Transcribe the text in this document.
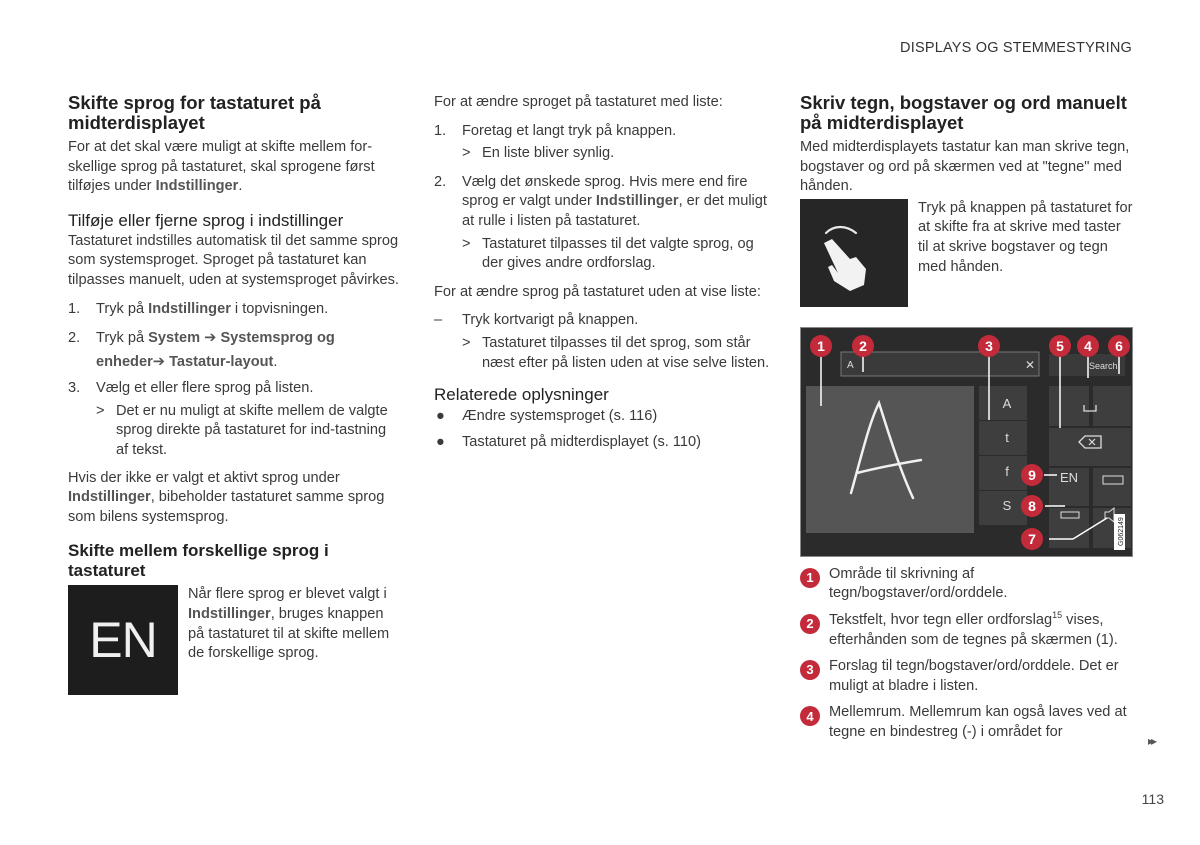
DISPLAYS OG STEMMESTYRING
Skifte sprog for tastaturet på midterdisplayet

For at det skal være muligt at skifte mellem for-skellige sprog på tastaturet, skal sprogene først tilføjes under Indstillinger.

Tilføje eller fjerne sprog i indstillinger

Tastaturet indstilles automatisk til det samme sprog som systemsproget. Sproget på tastaturet kan tilpasses manuelt, uden at systemsproget påvirkes.

1. Tryk på Indstillinger i topvisningen.
2. Tryk på System ➔ Systemsprog og enheder➔ Tastatur-layout.
3. Vælg et eller flere sprog på listen.
> Det er nu muligt at skifte mellem de valgte sprog direkte på tastaturet for ind-tastning af tekst.

Hvis der ikke er valgt et aktivt sprog under Indstillinger, bibeholder tastaturet samme sprog som bilens systemsprog.

Skifte mellem forskellige sprog i tastaturet
EN

Når flere sprog er blevet valgt i Indstillinger, bruges knappen på tastaturet til at skifte mellem de forskellige sprog.

For at ændre sproget på tastaturet med liste:

1. Foretag et langt tryk på knappen.
> En liste bliver synlig.
2. Vælg det ønskede sprog. Hvis mere end fire sprog er valgt under Indstillinger, er det muligt at rulle i listen på tastaturet.
> Tastaturet tilpasses til det valgte sprog, og der gives andre ordforslag.

For at ændre sprog på tastaturet uden at vise liste:

– Tryk kortvarigt på knappen.
> Tastaturet tilpasses til det sprog, som står næst efter på listen uden at vise selve listen.
Relaterede oplysninger
● Ændre systemsproget (s. 116)
● Tastaturet på midterdisplayet (s. 110)
Skriv tegn, bogstaver og ord manuelt på midterdisplayet

Med midterdisplayets tastatur kan man skrive tegn, bogstaver og ord på skærmen ved at "tegne" med hånden.

Tryk på knappen på tastaturet for at skifte fra at skrive med taster til at skrive bogstaver og tegn med hånden.

1 2	3	5 4 6
9
8
7
A	✕	Search
A
t
f
S
EN
G062149
1	Område til skrivning af tegn/bogstaver/ord/orddele.
2	Tekstfelt, hvor tegn eller ordforslag$^{15}$ vises, efterhånden som de tegnes på skærmen (1).
3	Forslag til tegn/bogstaver/ord/orddele. Det er muligt at bladre i listen.
4	Mellemrum. Mellemrum kan også laves ved at tegne en bindestreg (-) i området for
▸▸
113
